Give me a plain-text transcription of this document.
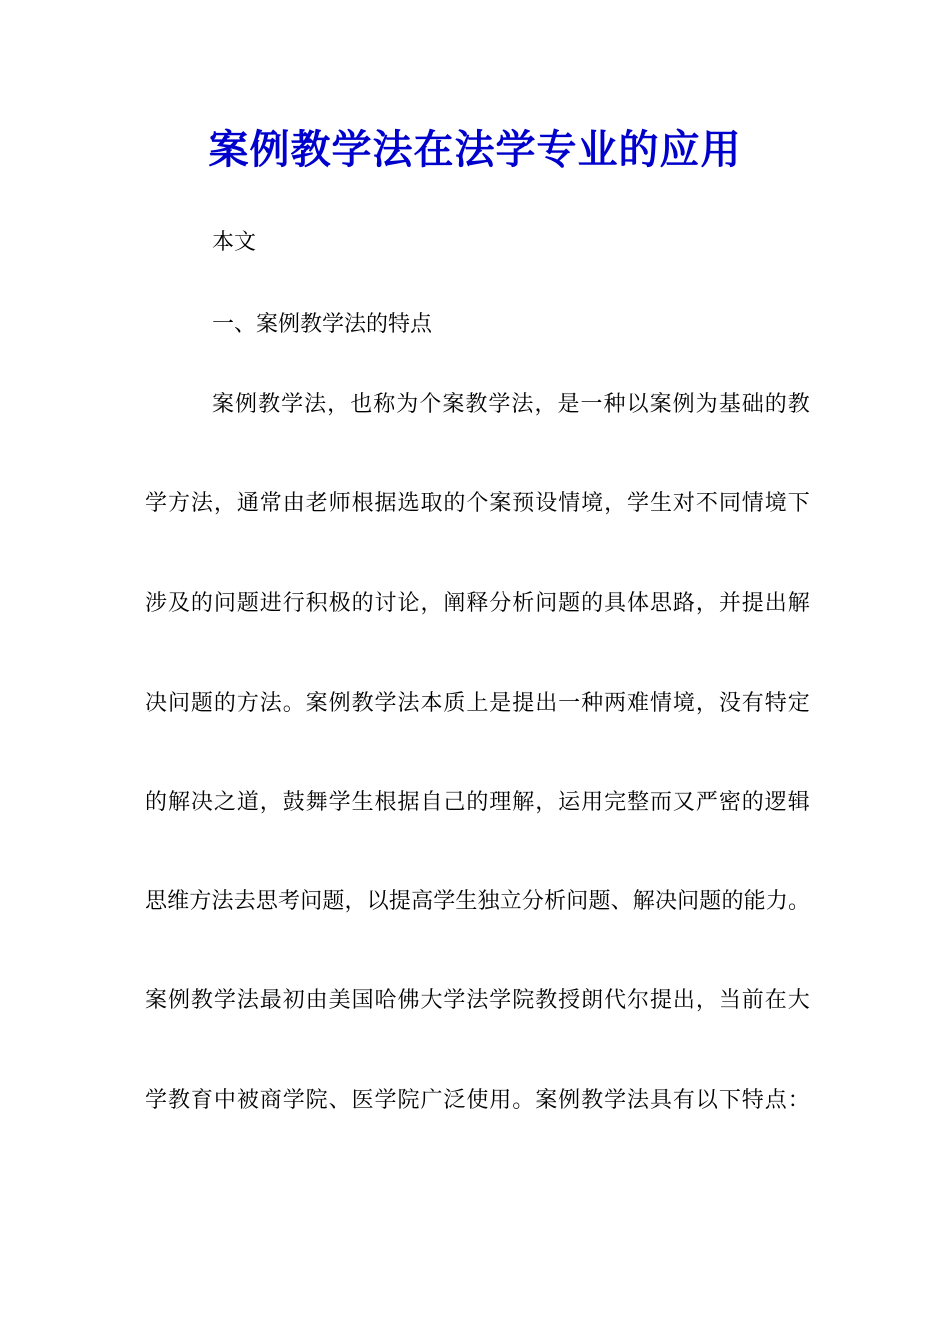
案例教学法在法学专业的应用
本文
一、案例教学法的特点
案 例 教 学 法 ， 也 称 为 个 案 教 学 法 ， 是 一 种 以 案 例 为 基 础 的 教
学 方 法 ， 通 常 由 老 师 根 据 选 取 的 个 案 预 设 情 境 ， 学 生 对 不 同 情 境 下
涉 及 的 问 题 进 行 积 极 的 讨 论 ， 阐 释 分 析 问 题 的 具 体 思 路 ， 并 提 出 解
决 问 题 的 方 法 。 案 例 教 学 法 本 质 上 是 提 出 一 种 两 难 情 境 ， 没 有 特 定
的 解 决 之 道 ， 鼓 舞 学 生 根 据 自 己 的 理 解 ， 运 用 完 整 而 又 严 密 的 逻 辑
思 维 方 法 去 思 考 问 题 ， 以 提 高 学 生 独 立 分 析 问 题 、 解 决 问 题 的 能 力 。
案 例 教 学 法 最 初 由 美 国 哈 佛 大 学 法 学 院 教 授 朗 代 尔 提 出 ， 当 前 在 大
学 教 育 中 被 商 学 院 、 医 学 院 广 泛 使 用 。 案 例 教 学 法 具 有 以 下 特 点 ：
